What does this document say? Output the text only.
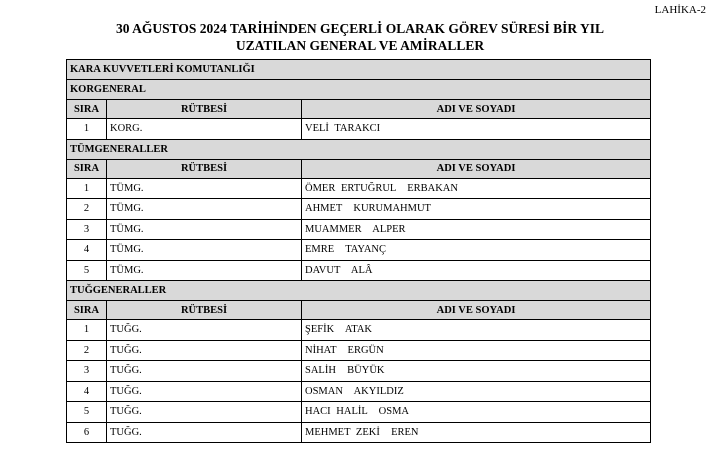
LAHİKA-2
30 AĞUSTOS 2024 TARİHİNDEN GEÇERLİ OLARAK GÖREV SÜRESİ BİR YIL
UZATILAN GENERAL VE AMİRALLER
KARA KUVVETLERİ KOMUTANLIĞI		
KORGENERAL		
SIRA	RÜTBESİ	ADI VE SOYADI
1	KORG.	VELİ TARAKCI
TÜMGENERALLER		
SIRA	RÜTBESİ	ADI VE SOYADI
1	TÜMG.	ÖMER ERTUĞRUL  ERBAKAN
2	TÜMG.	AHMET  KURUMAHMUT
3	TÜMG.	MUAMMER  ALPER
4	TÜMG.	EMRE  TAYANÇ
5	TÜMG.	DAVUT  ALÂ
TUĞGENERALLER		
SIRA	RÜTBESİ	ADI VE SOYADI
1	TUĞG.	ŞEFİK  ATAK
2	TUĞG.	NİHAT  ERGÜN
3	TUĞG.	SALİH  BÜYÜK
4	TUĞG.	OSMAN  AKYILDIZ
5	TUĞG.	HACI HALİL  OSMA
6	TUĞG.	MEHMET ZEKİ  EREN
